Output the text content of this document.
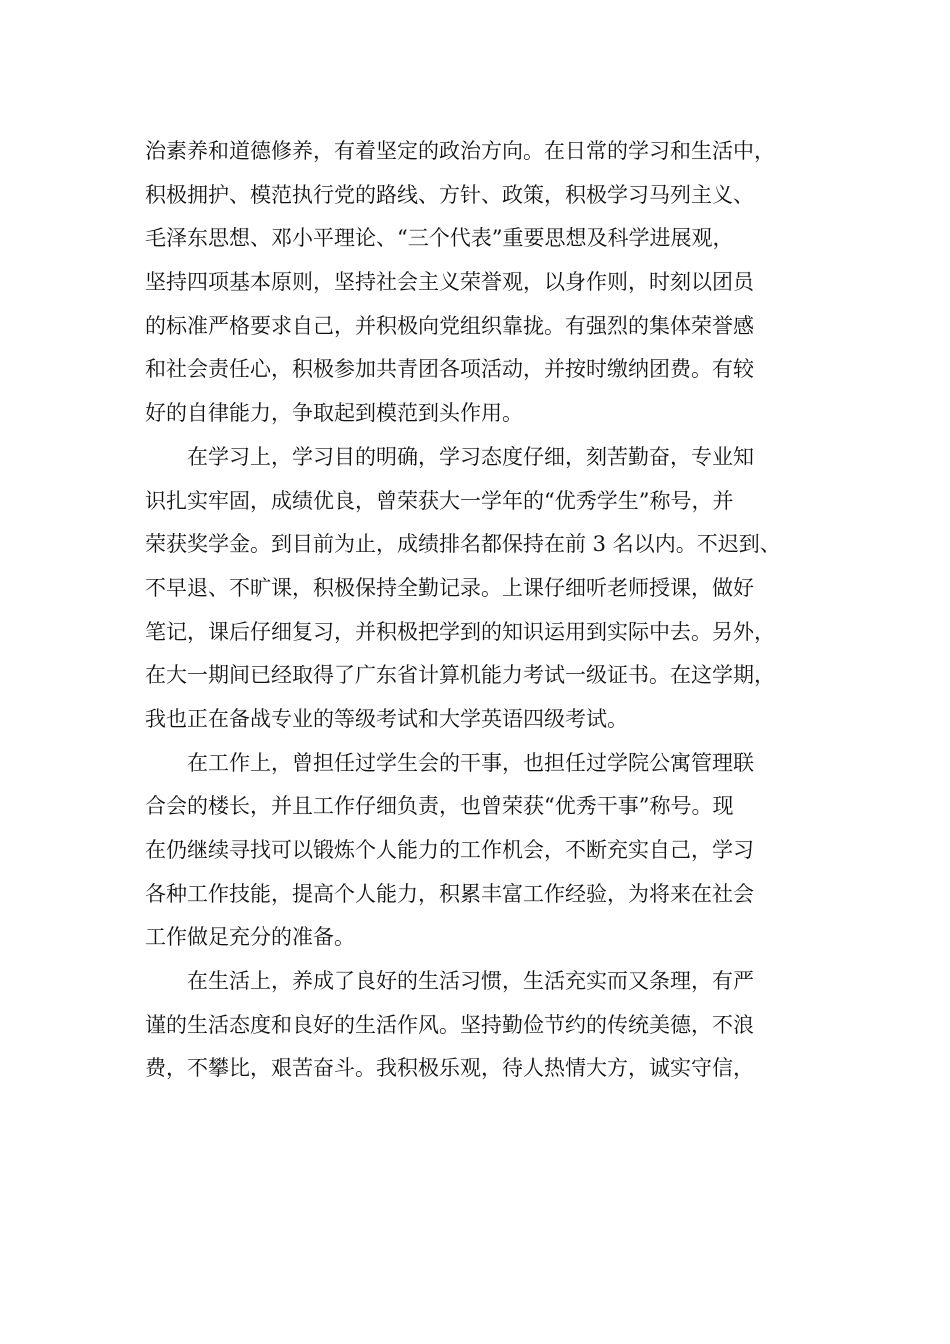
治素养和道德修养，有着坚定的政治方向。在日常的学习和生活中，
积极拥护、模范执行党的路线、方针、政策，积极学习马列主义、
毛泽东思想、邓小平理论、“三个代表”重要思想及科学进展观，
坚持四项基本原则，坚持社会主义荣誉观，以身作则，时刻以团员
的标准严格要求自己，并积极向党组织靠拢。有强烈的集体荣誉感
和社会责任心，积极参加共青团各项活动，并按时缴纳团费。有较
好的自律能力，争取起到模范到头作用。
在学习上，学习目的明确，学习态度仔细，刻苦勤奋，专业知
识扎实牢固，成绩优良，曾荣获大一学年的“优秀学生”称号，并
荣获奖学金。到目前为止，成绩排名都保持在前 3 名以内。不迟到、
不早退、不旷课，积极保持全勤记录。上课仔细听老师授课，做好
笔记，课后仔细复习，并积极把学到的知识运用到实际中去。另外，
在大一期间已经取得了广东省计算机能力考试一级证书。在这学期，
我也正在备战专业的等级考试和大学英语四级考试。
在工作上，曾担任过学生会的干事，也担任过学院公寓管理联
合会的楼长，并且工作仔细负责，也曾荣获“优秀干事”称号。现
在仍继续寻找可以锻炼个人能力的工作机会，不断充实自己，学习
各种工作技能，提高个人能力，积累丰富工作经验，为将来在社会
工作做足充分的准备。
在生活上，养成了良好的生活习惯，生活充实而又条理，有严
谨的生活态度和良好的生活作风。坚持勤俭节约的传统美德，不浪
费，不攀比，艰苦奋斗。我积极乐观，待人热情大方，诚实守信，
